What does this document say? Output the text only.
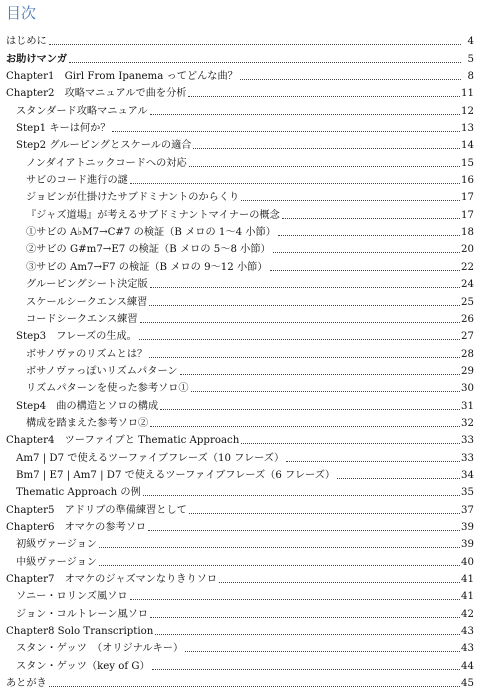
目次
はじめに	4
お助けマンガ	5
Chapter1　Girl From Ipanema ってどんな曲？	8
Chapter2　攻略マニュアルで曲を分析	11
スタンダード攻略マニュアル	12
Step1 キーは何か？	13
Step2 グルーピングとスケールの適合	14
ノンダイアトニックコードへの対応	15
サビのコード進行の謎	16
ジョビンが仕掛けたサブドミナントのからくり	17
『ジャズ道場』が考えるサブドミナントマイナーの概念	17
①サビの A♭M7→C#7 の検証（B メロの 1～4 小節）	18
②サビの G#m7→E7 の検証（B メロの 5～8 小節）	20
③サビの Am7→F7 の検証（B メロの 9～12 小節）	22
グルーピングシート決定版	24
スケールシークエンス練習	25
コードシークエンス練習	26
Step3　フレーズの生成。	27
ボサノヴァのリズムとは？	28
ボサノヴァっぽいリズムパターン	29
リズムパターンを使った参考ソロ①	30
Step4　曲の構造とソロの構成	31
構成を踏まえた参考ソロ②	32
Chapter4　ツーファイブと Thematic Approach	33
Am7 | D7 で使えるツーファイブフレーズ（10 フレーズ）	33
Bm7 | E7 | Am7 | D7 で使えるツーファイブフレーズ（6 フレーズ）	34
Thematic Approach の例	35
Chapter5　アドリブの準備練習として	37
Chapter6　オマケの参考ソロ	39
初級ヴァージョン	39
中級ヴァージョン	40
Chapter7　オマケのジャズマンなりきりソロ	41
ソニー・ロリンズ風ソロ	41
ジョン・コルトレーン風ソロ	42
Chapter8 Solo Transcription	43
スタン・ゲッツ　（オリジナルキー）	43
スタン・ゲッツ（key of G）	44
あとがき	45
